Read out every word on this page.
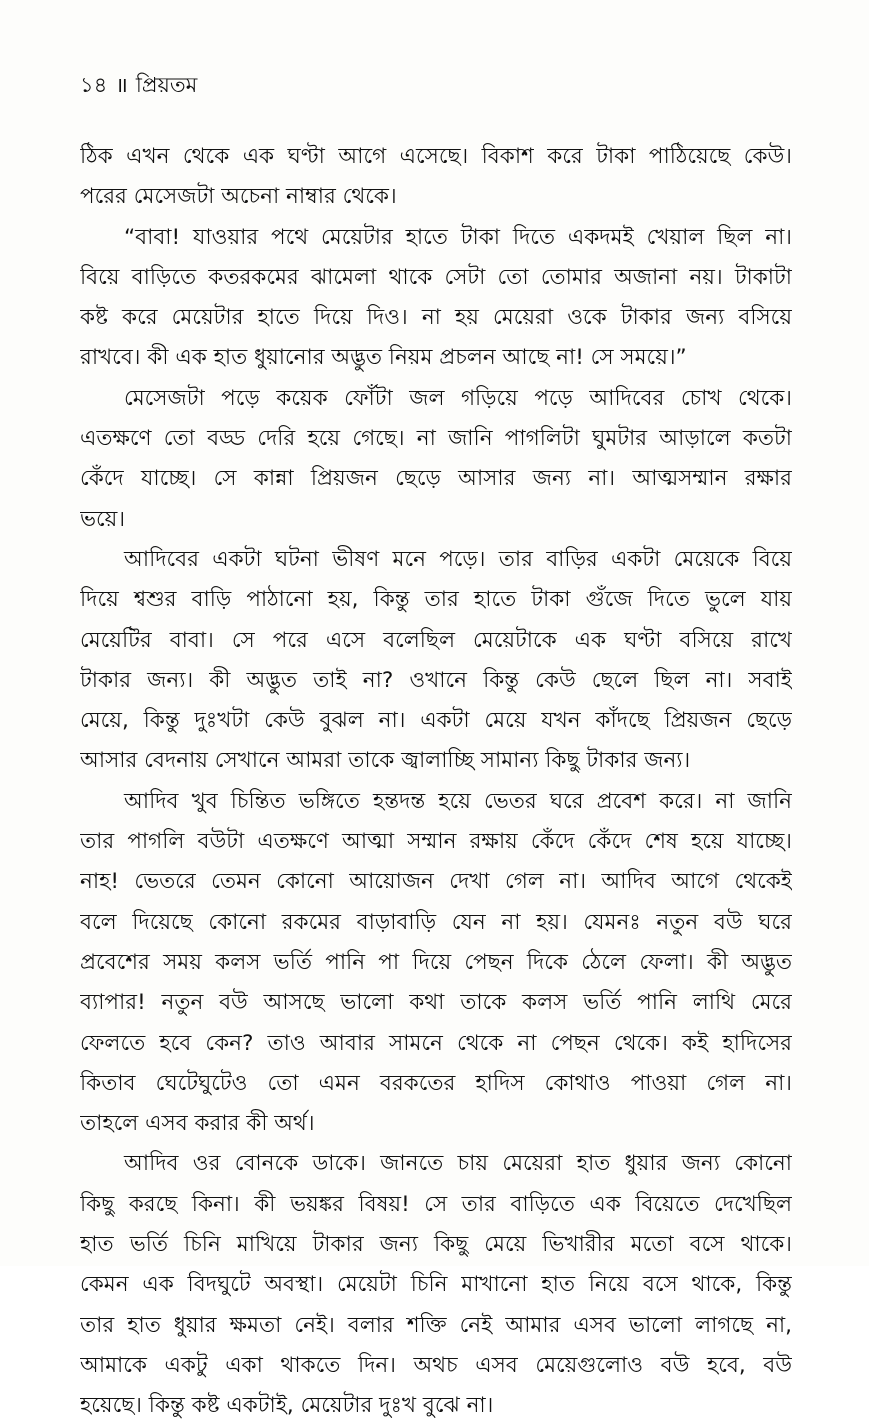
১৪ ॥ প্রিয়তম
ঠিক এখন থেকে এক ঘণ্টা আগে এসেছে। বিকাশ করে টাকা পাঠিয়েছে কেউ।
পরের মেসেজটা অচেনা নাম্বার থেকে।
“বাবা! যাওয়ার পথে মেয়েটার হাতে টাকা দিতে একদমই খেয়াল ছিল না।
বিয়ে বাড়িতে কতরকমের ঝামেলা থাকে সেটা তো তোমার অজানা নয়। টাকাটা
কষ্ট করে মেয়েটার হাতে দিয়ে দিও। না হয় মেয়েরা ওকে টাকার জন্য বসিয়ে
রাখবে। কী এক হাত ধুয়ানোর অদ্ভুত নিয়ম প্রচলন আছে না! সে সময়ে।”
মেসেজটা পড়ে কয়েক ফোঁটা জল গড়িয়ে পড়ে আদিবের চোখ থেকে।
এতক্ষণে তো বড্ড দেরি হয়ে গেছে। না জানি পাগলিটা ঘুমটার আড়ালে কতটা
কেঁদে যাচ্ছে। সে কান্না প্রিয়জন ছেড়ে আসার জন্য না। আত্মসম্মান রক্ষার
ভয়ে।
আদিবের একটা ঘটনা ভীষণ মনে পড়ে। তার বাড়ির একটা মেয়েকে বিয়ে
দিয়ে শ্বশুর বাড়ি পাঠানো হয়, কিন্তু তার হাতে টাকা গুঁজে দিতে ভুলে যায়
মেয়েটির বাবা। সে পরে এসে বলেছিল মেয়েটাকে এক ঘণ্টা বসিয়ে রাখে
টাকার জন্য। কী অদ্ভুত তাই না? ওখানে কিন্তু কেউ ছেলে ছিল না। সবাই
মেয়ে, কিন্তু দুঃখটা কেউ বুঝল না। একটা মেয়ে যখন কাঁদছে প্রিয়জন ছেড়ে
আসার বেদনায় সেখানে আমরা তাকে জ্বালাচ্ছি সামান্য কিছু টাকার জন্য।
আদিব খুব চিন্তিত ভঙ্গিতে হন্তদন্ত হয়ে ভেতর ঘরে প্রবেশ করে। না জানি
তার পাগলি বউটা এতক্ষণে আত্মা সম্মান রক্ষায় কেঁদে কেঁদে শেষ হয়ে যাচ্ছে।
নাহ! ভেতরে তেমন কোনো আয়োজন দেখা গেল না। আদিব আগে থেকেই
বলে দিয়েছে কোনো রকমের বাড়াবাড়ি যেন না হয়। যেমনঃ নতুন বউ ঘরে
প্রবেশের সময় কলস ভর্তি পানি পা দিয়ে পেছন দিকে ঠেলে ফেলা। কী অদ্ভুত
ব্যাপার! নতুন বউ আসছে ভালো কথা তাকে কলস ভর্তি পানি লাথি মেরে
ফেলতে হবে কেন? তাও আবার সামনে থেকে না পেছন থেকে। কই হাদিসের
কিতাব ঘেটেঘুটেও তো এমন বরকতের হাদিস কোথাও পাওয়া গেল না।
তাহলে এসব করার কী অর্থ।
আদিব ওর বোনকে ডাকে। জানতে চায় মেয়েরা হাত ধুয়ার জন্য কোনো
কিছু করছে কিনা। কী ভয়ঙ্কর বিষয়! সে তার বাড়িতে এক বিয়েতে দেখেছিল
হাত ভর্তি চিনি মাখিয়ে টাকার জন্য কিছু মেয়ে ভিখারীর মতো বসে থাকে।
কেমন এক বিদঘুটে অবস্থা। মেয়েটা চিনি মাখানো হাত নিয়ে বসে থাকে, কিন্তু
তার হাত ধুয়ার ক্ষমতা নেই। বলার শক্তি নেই আমার এসব ভালো লাগছে না,
আমাকে একটু একা থাকতে দিন। অথচ এসব মেয়েগুলোও বউ হবে, বউ
হয়েছে। কিন্তু কষ্ট একটাই, মেয়েটার দুঃখ বুঝে না।
